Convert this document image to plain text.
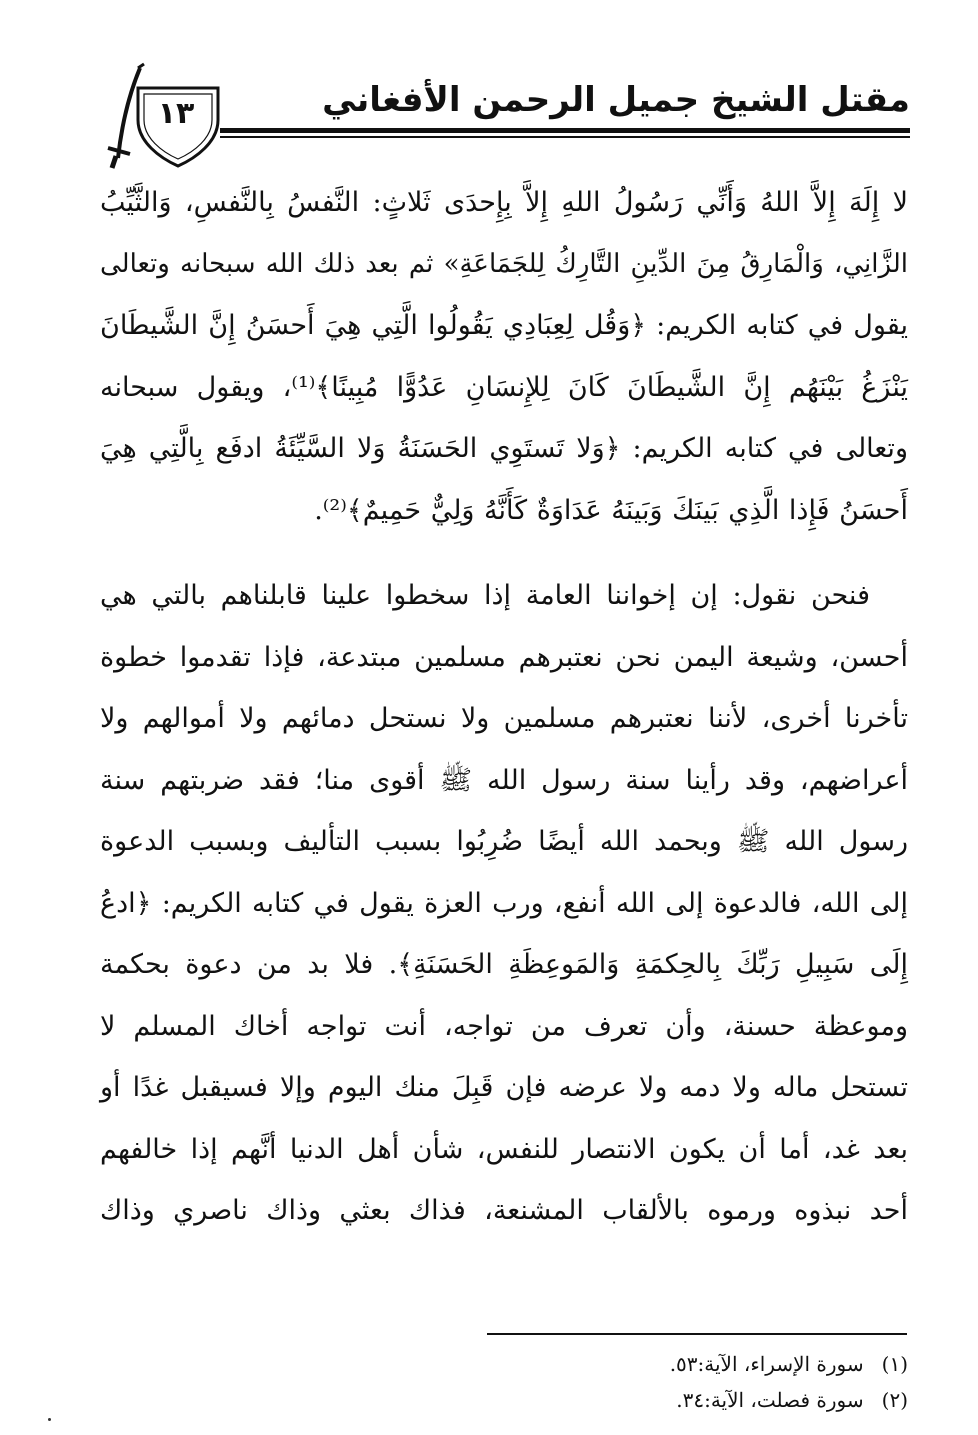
مقتل الشيخ جميل الرحمن الأفغاني
١٣
لا إِلَهَ إِلاَّ اللهُ وَأَنِّي رَسُولُ اللهِ إِلاَّ بِإِحدَى ثَلاثٍ: النَّفسُ بِالنَّفسِ، وَالثَّيِّبُ
الزَّانِي، وَالْمَارِقُ مِنَ الدِّينِ التَّارِكُ لِلجَمَاعَةِ» ثم بعد ذلك الله سبحانه وتعالى
يقول في كتابه الكريم: ﴿وَقُل لِعِبَادِي يَقُولُوا الَّتِي هِيَ أَحسَنُ إِنَّ الشَّيطَانَ
يَنْزَغُ بَيْنَهُم إِنَّ الشَّيطَانَ كَانَ لِلإِنسَانِ عَدُوًّا مُبِينًا﴾⁽¹⁾، ويقول سبحانه
وتعالى في كتابه الكريم: ﴿وَلا تَستَوِي الحَسَنَةُ وَلا السَّيِّئَةُ ادفَع بِالَّتِي هِيَ
أَحسَنُ فَإِذا الَّذِي بَينَكَ وَبَينَهُ عَدَاوَةٌ كَأَنَّهُ وَلِيٌّ حَمِيمٌ﴾⁽²⁾.
فنحن نقول: إن إخواننا العامة إذا سخطوا علينا قابلناهم بالتي هي
أحسن، وشيعة اليمن نحن نعتبرهم مسلمين مبتدعة، فإذا تقدموا خطوة
تأخرنا أخرى، لأننا نعتبرهم مسلمين ولا نستحل دمائهم ولا أموالهم ولا
أعراضهم، وقد رأينا سنة رسول الله ﷺ أقوى منا؛ فقد ضربتهم سنة
رسول الله ﷺ وبحمد الله أيضًا ضُرِبُوا بسبب التأليف وبسبب الدعوة
إلى الله، فالدعوة إلى الله أنفع، ورب العزة يقول في كتابه الكريم: ﴿ادعُ
إِلَى سَبِيلِ رَبِّكَ بِالحِكمَةِ وَالمَوعِظَةِ الحَسَنَةِ﴾. فلا بد من دعوة بحكمة
وموعظة حسنة، وأن تعرف من تواجه، أنت تواجه أخاك المسلم لا
تستحل ماله ولا دمه ولا عرضه فإن قَبِلَ منك اليوم وإلا فسيقبل غدًا أو
بعد غد، أما أن يكون الانتصار للنفس، شأن أهل الدنيا أنَّهم إذا خالفهم
أحد نبذوه ورموه بالألقاب المشنعة، فذاك بعثي وذاك ناصري وذاك
(١) سورة الإسراء، الآية:٥٣.
(٢) سورة فصلت، الآية:٣٤.
